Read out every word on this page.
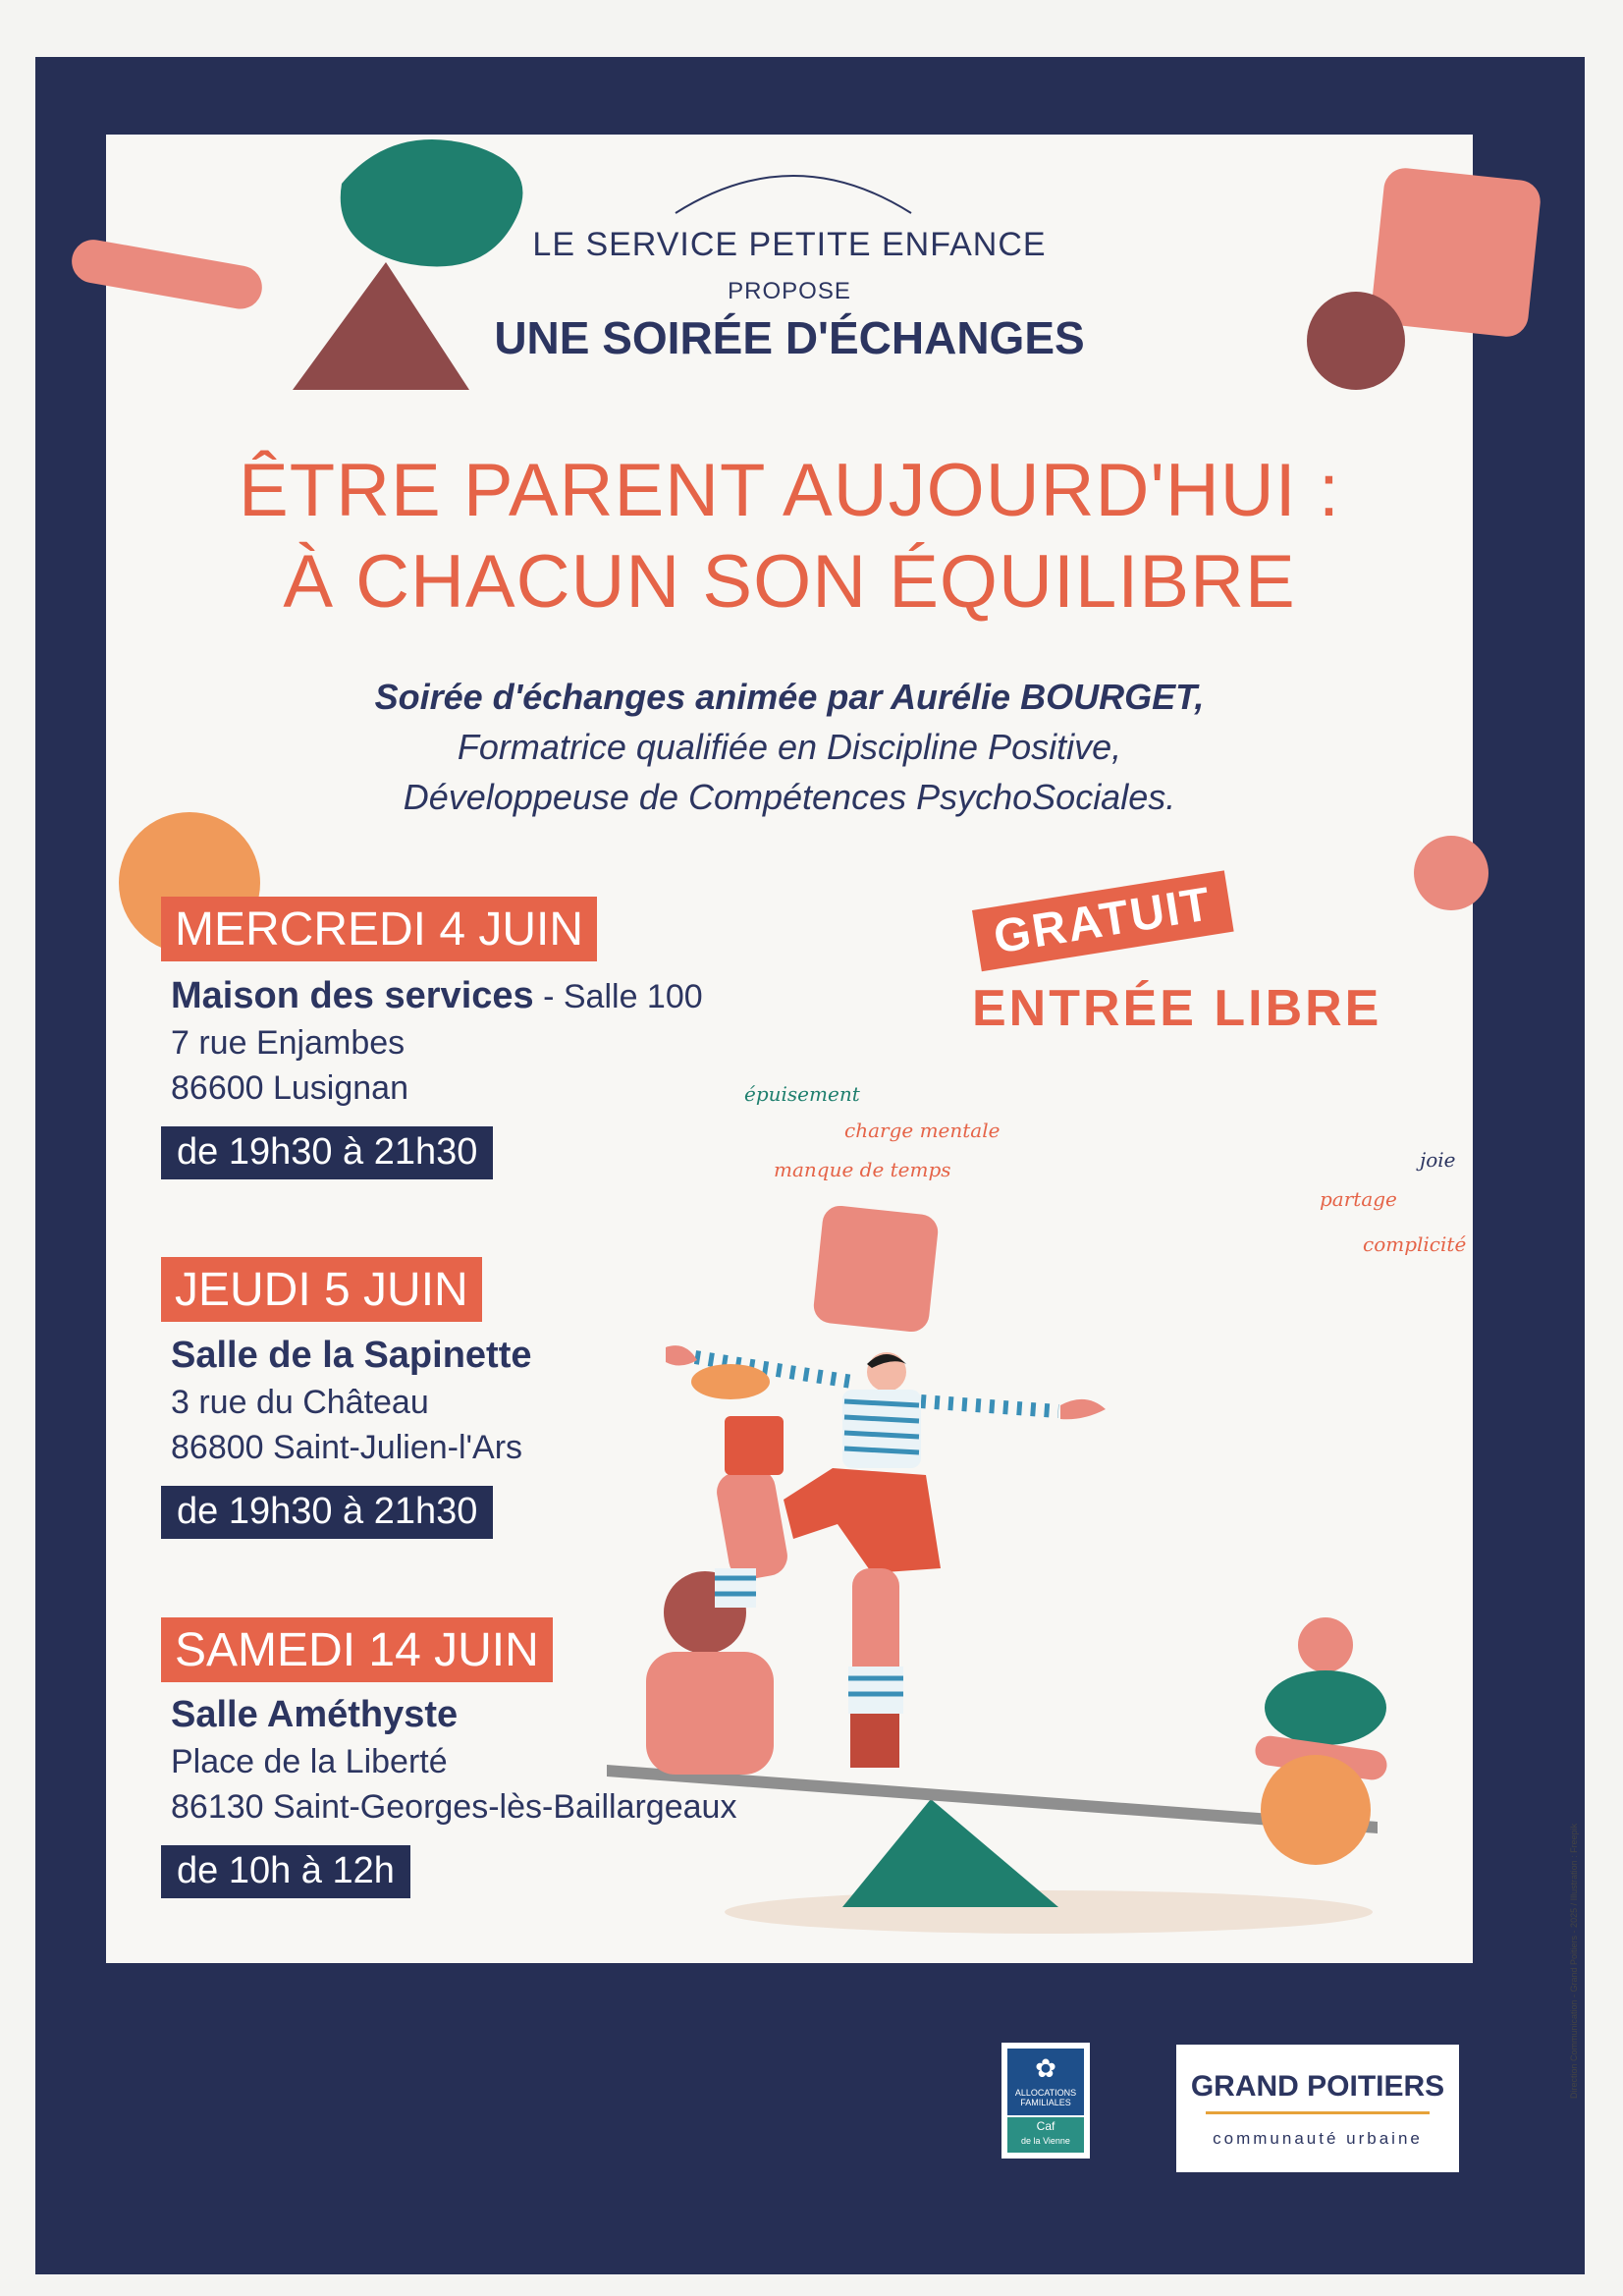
LE SERVICE PETITE ENFANCE
PROPOSE
UNE SOIRÉE D'ÉCHANGES
ÊTRE PARENT AUJOURD'HUI :
À CHACUN SON ÉQUILIBRE
Soirée d'échanges animée par Aurélie BOURGET,
Formatrice qualifiée en Discipline Positive,
Développeuse de Compétences PsychoSociales.
MERCREDI 4 JUIN
Maison des services - Salle 100
7 rue Enjambes
86600 Lusignan
de 19h30 à 21h30
JEUDI 5 JUIN
Salle de la Sapinette
3 rue du Château
86800 Saint-Julien-l'Ars
de 19h30 à 21h30
SAMEDI 14 JUIN
Salle Améthyste
Place de la Liberté
86130 Saint-Georges-lès-Baillargeaux
de 10h à 12h
GRATUIT
ENTRÉE LIBRE
épuisement
charge mentale
manque de temps	joie
partage
complicité
Direction Communication - Grand Poitiers - 2025 / Illustration : Freepik
✿
ALLOCATIONS FAMILIALES
Caf
de la Vienne
GRAND POITIERS
communauté urbaine
